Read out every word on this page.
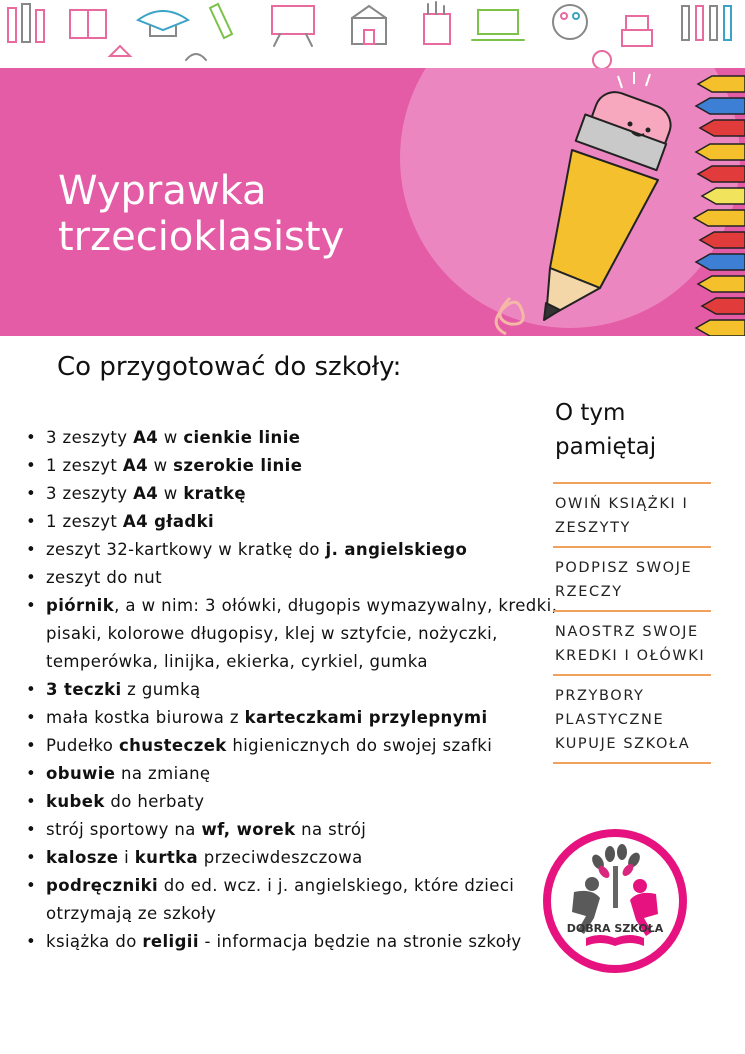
Wyprawka
trzecioklasisty
Co przygotować do szkoły:
• 3 zeszyty A4 w cienkie linie
• 1 zeszyt A4 w szerokie linie
• 3 zeszyty A4 w kratkę
• 1 zeszyt A4 gładki
• zeszyt 32-kartkowy w kratkę do j. angielskiego
• zeszyt do nut
• piórnik, a w nim: 3 ołówki, długopis wymazywalny, kredki, pisaki, kolorowe długopisy, klej w sztyfcie, nożyczki, temperówka, linijka, ekierka, cyrkiel, gumka
• 3 teczki z gumką
• mała kostka biurowa z karteczkami przylepnymi
• Pudełko chusteczek higienicznych do swojej szafki
• obuwie na zmianę
• kubek do herbaty
• strój sportowy na wf, worek na strój
• kalosze i kurtka przeciwdeszczowa
• podręczniki do ed. wcz. i j. angielskiego, które dzieci otrzymają ze szkoły
• książka do religii - informacja będzie na stronie szkoły
O tym
pamiętaj
OWIŃ KSIĄŻKI I ZESZYTY
PODPISZ SWOJE RZECZY
NAOSTRZ SWOJE KREDKI I OŁÓWKI
PRZYBORY PLASTYCZNE KUPUJE SZKOŁA
DOBRA SZKOŁA
